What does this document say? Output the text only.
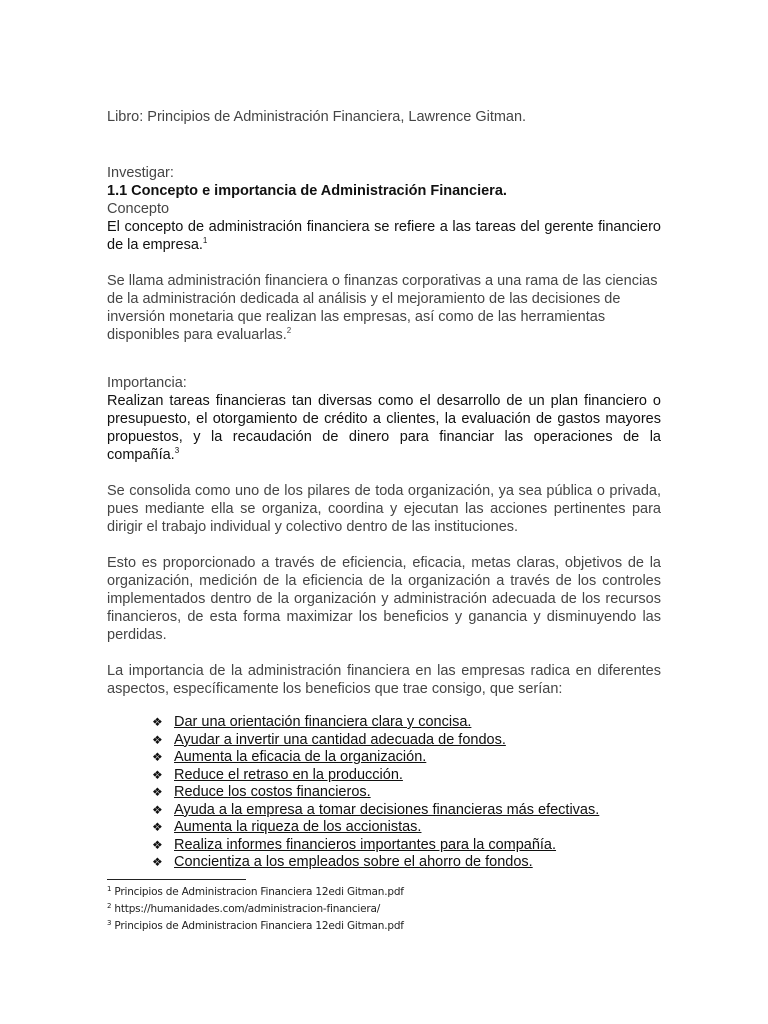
Libro: Principios de Administración Financiera, Lawrence Gitman.

Investigar:

1.1 Concepto e importancia de Administración Financiera.

Concepto

El concepto de administración financiera se refiere a las tareas del gerente financiero de la empresa.$^1$

Se llama administración financiera o finanzas corporativas a una rama de las ciencias de la administración dedicada al análisis y el mejoramiento de las decisiones de inversión monetaria que realizan las empresas, así como de las herramientas disponibles para evaluarlas.$^2$

Importancia:

Realizan tareas financieras tan diversas como el desarrollo de un plan financiero o presupuesto, el otorgamiento de crédito a clientes, la evaluación de gastos mayores propuestos, y la recaudación de dinero para financiar las operaciones de la compañía.$^3$

Se consolida como uno de los pilares de toda organización, ya sea pública o privada, pues mediante ella se organiza, coordina y ejecutan las acciones pertinentes para dirigir el trabajo individual y colectivo dentro de las instituciones.

Esto es proporcionado a través de eficiencia, eficacia, metas claras, objetivos de la organización, medición de la eficiencia de la organización a través de los controles implementados dentro de la organización y administración adecuada de los recursos financieros, de esta forma maximizar los beneficios y ganancia y disminuyendo las perdidas.

La importancia de la administración financiera en las empresas radica en diferentes aspectos, específicamente los beneficios que trae consigo, que serían:

❖ Dar una orientación financiera clara y concisa.
❖ Ayudar a invertir una cantidad adecuada de fondos.
❖ Aumenta la eficacia de la organización.
❖ Reduce el retraso en la producción.
❖ Reduce los costos financieros.
❖ Ayuda a la empresa a tomar decisiones financieras más efectivas.
❖ Aumenta la riqueza de los accionistas.
❖ Realiza informes financieros importantes para la compañía.
❖ Concientiza a los empleados sobre el ahorro de fondos.
$^1$ Principios de Administracion Financiera 12edi Gitman.pdf
$^2$ https://humanidades.com/administracion-financiera/
$^3$ Principios de Administracion Financiera 12edi Gitman.pdf
